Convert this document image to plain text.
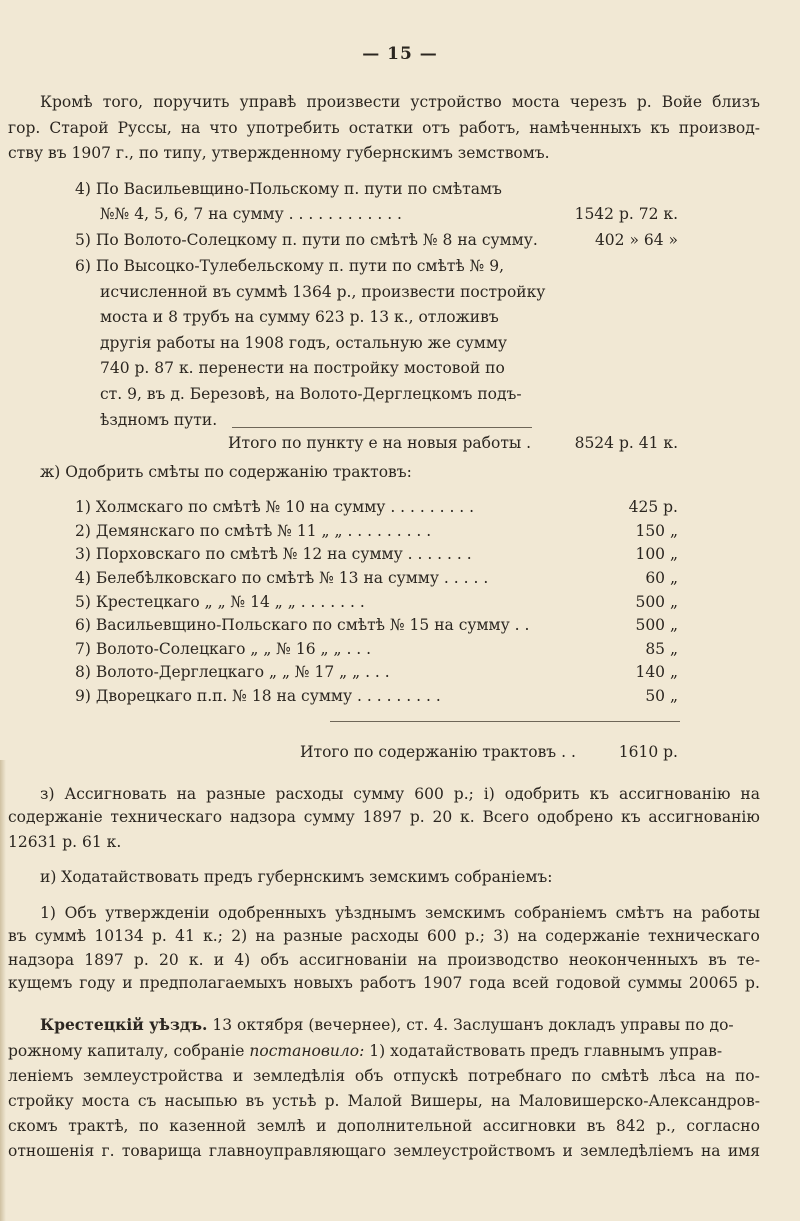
— 15 —
Кромѣ того, поручить управѣ произвести устройство моста черезъ р. Войе близъ
гор. Старой Руссы, на что употребить остатки отъ работъ, намѣченныхъ къ производ-
ству въ 1907 г., по типу, утвержденному губернскимъ земствомъ.
4) По Васильевщино-Польскому п. пути по смѣтамъ
№№ 4, 5, 6, 7 на сумму . . . . . . . . . . . .	1542 р. 72 к.
5) По Волото-Солецкому п. пути по смѣтѣ № 8 на сумму.	402 » 64 »
6) По Высоцко-Тулебельскому п. пути по смѣтѣ № 9,
исчисленной въ суммѣ 1364 р., произвести постройку
моста и 8 трубъ на сумму 623 р. 13 к., отложивъ
другія работы на 1908 годъ, остальную же сумму
740 р. 87 к. перенести на постройку мостовой по
ст. 9, въ д. Березовѣ, на Волото-Дерглецкомъ подъ-
ѣздномъ пути.
Итого по пункту е на новыя работы .	8524 р. 41 к.
ж) Одобрить смѣты по содержанію трактовъ:
1) Холмскаго по смѣтѣ № 10 на сумму . . . . . . . . .	425 р.
2) Демянскаго по смѣтѣ № 11 „ „ . . . . . . . . .	150 „
3) Порховскаго по смѣтѣ № 12 на сумму . . . . . . .	100 „
4) Белебѣлковскаго по смѣтѣ № 13 на сумму . . . . .	60 „
5) Крестецкаго „ „ № 14 „ „ . . . . . . .	500 „
6) Васильевщино-Польскаго по смѣтѣ № 15 на сумму . .	500 „
7) Волото-Солецкаго „ „ № 16 „ „ . . .	85 „
8) Волото-Дерглецкаго „ „ № 17 „ „ . . .	140 „
9) Дворецкаго п.п. № 18 на сумму . . . . . . . . .	50 „
Итого по содержанію трактовъ . .	1610 р.
з) Ассигновать на разные расходы сумму 600 р.; і) одобрить къ ассигнованію на
содержаніе техническаго надзора сумму 1897 р. 20 к. Всего одобрено къ ассигнованію
12631 р. 61 к.
и) Ходатайствовать предъ губернскимъ земскимъ собраніемъ:
1) Объ утвержденіи одобренныхъ уѣзднымъ земскимъ собраніемъ смѣтъ на работы
въ суммѣ 10134 р. 41 к.; 2) на разные расходы 600 р.; 3) на содержаніе техническаго
надзора 1897 р. 20 к. и 4) объ ассигнованіи на производство неоконченныхъ въ те-
кущемъ году и предполагаемыхъ новыхъ работъ 1907 года всей годовой суммы 20065 р.
Крестецкій уѣздъ. 13 октября (вечернее), ст. 4. Заслушанъ докладъ управы по до-
рожному капиталу, собраніе постановило: 1) ходатайствовать предъ главнымъ управ-
леніемъ землеустройства и земледѣлія объ отпускѣ потребнаго по смѣтѣ лѣса на по-
стройку моста съ насыпью въ устьѣ р. Малой Вишеры, на Маловишерско-Александров-
скомъ трактѣ, по казенной землѣ и дополнительной ассигновки въ 842 р., согласно
отношенія г. товарища главноуправляющаго землеустройствомъ и земледѣліемъ на имя
